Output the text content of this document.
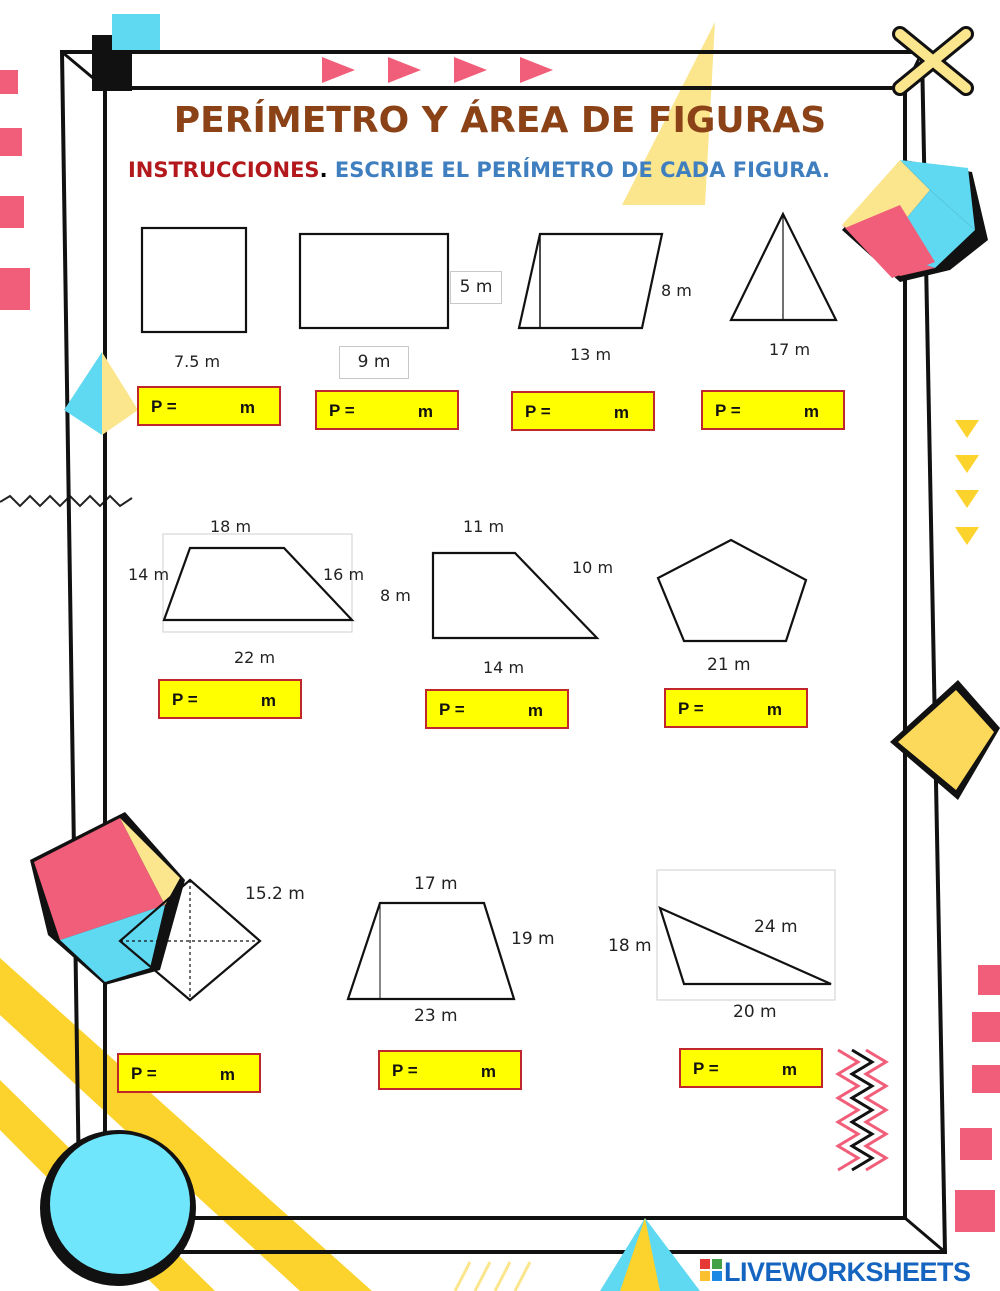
PERÍMETRO Y ÁREA DE FIGURAS
INSTRUCCIONES. ESCRIBE EL PERÍMETRO DE CADA FIGURA.
7.5 m
5 m
9 m
8 m
13 m	17 m
18 m
14 m	16 m
22 m
11 m
10 m
8 m
14 m	21 m
15.2 m	17 m
19 m
23 m
18 m
24 m
20 m
P =	m	P =	m	P =	m	P =	m
P =	m	P =	m	P =	m
P =	m	P =	m	P =	m
LIVEWORKSHEETS
